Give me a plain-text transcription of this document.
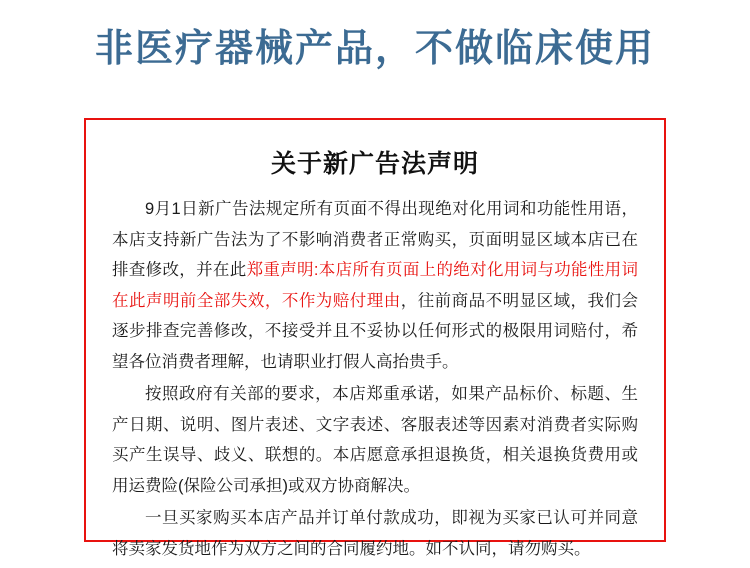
非医疗器械产品，不做临床使用
关于新广告法声明

9月1日新广告法规定所有页面不得出现绝对化用词和功能性用语，本店支持新广告法为了不影响消费者正常购买，页面明显区域本店已在排查修改，并在此郑重声明:本店所有页面上的绝对化用词与功能性用词在此声明前全部失效，不作为赔付理由，往前商品不明显区域，我们会逐步排查完善修改，不接受并且不妥协以任何形式的极限用词赔付，希望各位消费者理解，也请职业打假人高抬贵手。

按照政府有关部的要求，本店郑重承诺，如果产品标价、标题、生产日期、说明、图片表述、文字表述、客服表述等因素对消费者实际购买产生误导、歧义、联想的。本店愿意承担退换货，相关退换货费用或用运费险(保险公司承担)或双方协商解决。

一旦买家购买本店产品并订单付款成功，即视为买家已认可并同意将卖家发货地作为双方之间的合同履约地。如不认同，请勿购买。
